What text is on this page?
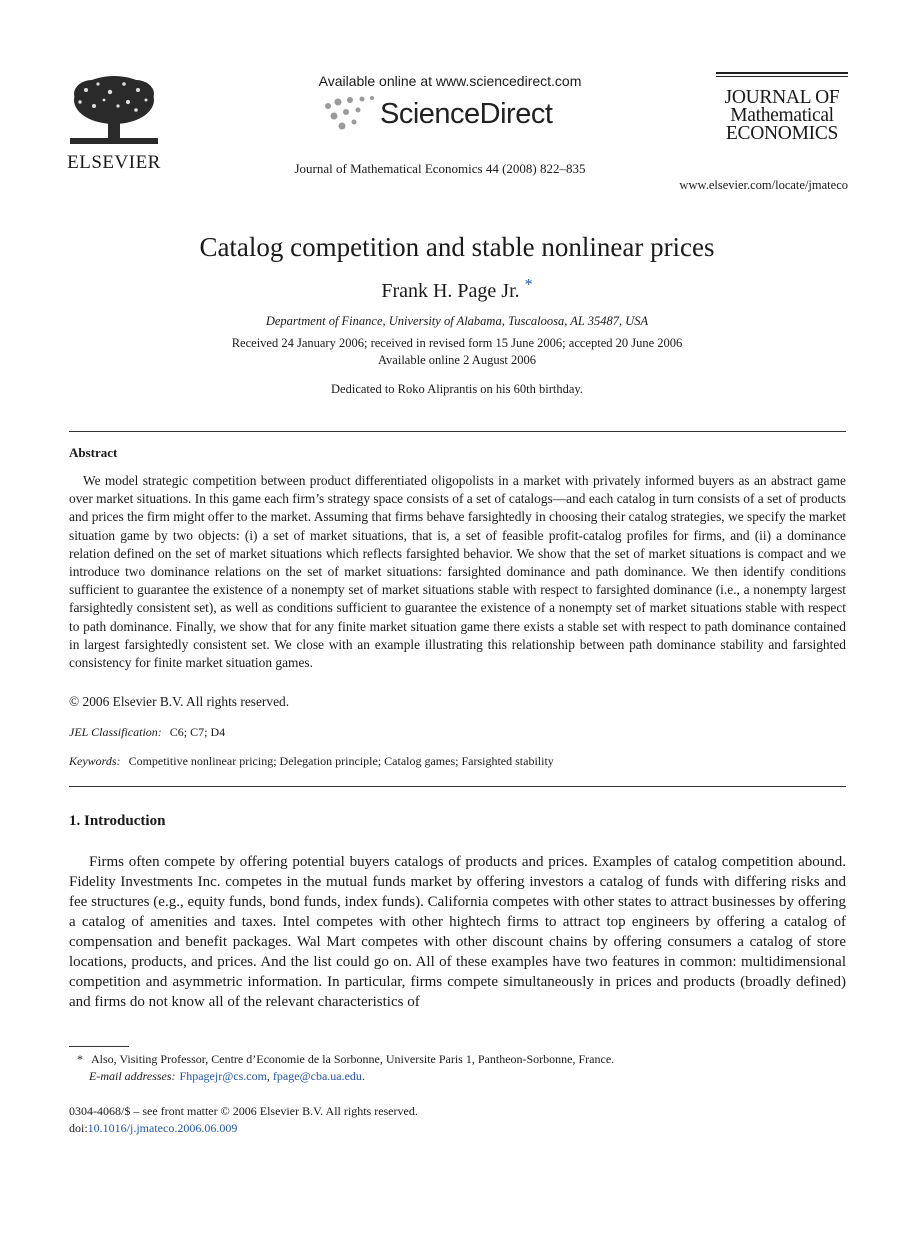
ELSEVIER
Available online at www.sciencedirect.com
ScienceDirect
Journal of Mathematical Economics 44 (2008) 822–835
JOURNAL OF
Mathematical
ECONOMICS
www.elsevier.com/locate/jmateco
Catalog competition and stable nonlinear prices
Frank H. Page Jr. *
Department of Finance, University of Alabama, Tuscaloosa, AL 35487, USA
Received 24 January 2006; received in revised form 15 June 2006; accepted 20 June 2006
Available online 2 August 2006
Dedicated to Roko Aliprantis on his 60th birthday.
Abstract

We model strategic competition between product differentiated oligopolists in a market with privately informed buyers as an abstract game over market situations. In this game each firm’s strategy space consists of a set of catalogs—and each catalog in turn consists of a set of products and prices the firm might offer to the market. Assuming that firms behave farsightedly in choosing their catalog strategies, we specify the market situation game by two objects: (i) a set of market situations, that is, a set of feasible profit-catalog profiles for firms, and (ii) a dominance relation defined on the set of market situations which reflects farsighted behavior. We show that the set of market situations is compact and we introduce two dominance relations on the set of market situations: farsighted dominance and path dominance. We then identify conditions sufficient to guarantee the existence of a nonempty set of market situations stable with respect to farsighted dominance (i.e., a nonempty largest farsightedly consistent set), as well as conditions sufficient to guarantee the existence of a nonempty set of market situations stable with respect to path dominance. Finally, we show that for any finite market situation game there exists a stable set with respect to path dominance contained in largest farsightedly consistent set. We close with an example illustrating this relationship between path dominance stability and farsighted consistency for finite market situation games.

© 2006 Elsevier B.V. All rights reserved.
JEL Classification: C6; C7; D4
Keywords: Competitive nonlinear pricing; Delegation principle; Catalog games; Farsighted stability
1. Introduction

Firms often compete by offering potential buyers catalogs of products and prices. Examples of catalog competition abound. Fidelity Investments Inc. competes in the mutual funds market by offering investors a catalog of funds with differing risks and fee structures (e.g., equity funds, bond funds, index funds). California competes with other states to attract businesses by offering a catalog of amenities and taxes. Intel competes with other hightech firms to attract top engineers by offering a catalog of compensation and benefit packages. Wal Mart competes with other discount chains by offering consumers a catalog of store locations, products, and prices. And the list could go on. All of these examples have two features in common: multidimensional competition and asymmetric information. In particular, firms compete simultaneously in prices and products (broadly defined) and firms do not know all of the relevant characteristics of

* Also, Visiting Professor, Centre d’Economie de la Sorbonne, Universite Paris 1, Pantheon-Sorbonne, France.
E-mail addresses: Fhpagejr@cs.com, fpage@cba.ua.edu.
0304-4068/$ – see front matter © 2006 Elsevier B.V. All rights reserved.
doi:10.1016/j.jmateco.2006.06.009
